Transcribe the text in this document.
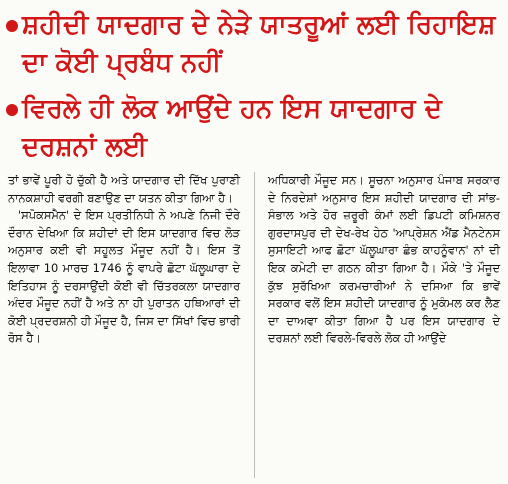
ਸ਼ਹੀਦੀ ਯਾਦਗਾਰ ਦੇ ਨੇੜੇ ਯਾਤਰੂਆਂ ਲਈ ਰਿਹਾਇਸ਼ ਦਾ ਕੋਈ ਪ੍ਰਬੰਧ ਨਹੀਂ
ਵਿਰਲੇ ਹੀ ਲੋਕ ਆਉਂਦੇ ਹਨ ਇਸ ਯਾਦਗਾਰ ਦੇ ਦਰਸ਼ਨਾਂ ਲਈ

ਤਾਂ ਭਾਵੇਂ ਪੂਰੀ ਹੋ ਚੁੱਕੀ ਹੈ ਅਤੇ ਯਾਦਗਾਰ ਦੀ ਦਿੱਖ ਪੁਰਾਣੀ ਨਾਨਕਸ਼ਾਹੀ ਵਰਗੀ ਬਣਾਉਣ ਦਾ ਯਤਨ ਕੀਤਾ ਗਿਆ ਹੈ।

'ਸਪੋਕਸਮੈਨ' ਦੇ ਇਸ ਪ੍ਰਤੀਨਿਧੀ ਨੇ ਅਪਣੇ ਨਿਜੀ ਦੌਰੇ ਦੌਰਾਨ ਦੇਖਿਆ ਕਿ ਸ਼ਹੀਦਾਂ ਦੀ ਇਸ ਯਾਦਗਾਰ ਵਿਚ ਲੋੜ ਅਨੁਸਾਰ ਕਈ ਵੀ ਸਹੂਲਤ ਮੌਜੂਦ ਨਹੀਂ ਹੈ। ਇਸ ਤੋਂ ਇਲਾਵਾ 10 ਮਾਰਚ 1746 ਨੂੰ ਵਾਪਰੇ ਛੋਟਾ ਘੱਲੂਘਾਰਾ ਦੇ ਇਤਿਹਾਸ ਨੂੰ ਦਰਸਾਉਂਦੀ ਕੋਈ ਵੀ ਚਿੱਤਰਕਲਾ ਯਾਦਗਾਰ ਅੰਦਰ ਮੌਜੂਦ ਨਹੀਂ ਹੈ ਅਤੇ ਨਾ ਹੀ ਪੁਰਾਤਨ ਹਥਿਆਰਾਂ ਦੀ ਕੋਈ ਪ੍ਰਦਰਸ਼ਨੀ ਹੀ ਮੌਜੂਦ ਹੈ, ਜਿਸ ਦਾ ਸਿੱਖਾਂ ਵਿਚ ਭਾਰੀ ਰੋਸ ਹੈ।

ਅਧਿਕਾਰੀ ਮੌਜੂਦ ਸਨ। ਸੂਚਨਾ ਅਨੁਸਾਰ ਪੰਜਾਬ ਸਰਕਾਰ ਦੇ ਨਿਰਦੇਸ਼ਾਂ ਅਨੁਸਾਰ ਇਸ ਸ਼ਹੀਦੀ ਯਾਦਗਾਰ ਦੀ ਸਾਂਭ-ਸੰਭਾਲ ਅਤੇ ਹੋਰ ਜ਼ਰੂਰੀ ਕੰਮਾਂ ਲਈ ਡਿਪਟੀ ਕਮਿਸ਼ਨਰ ਗੁਰਦਾਸਪੁਰ ਦੀ ਦੇਖ-ਰੇਖ ਹੇਠ 'ਆਪ੍ਰੇਸ਼ਨ ਐਂਡ ਮੈਨਟੇਨਸ ਸੁਸਾਇਟੀ ਆਫ ਛੋਟਾ ਘੱਲੂਘਾਰਾ ਛੰਭ ਕਾਹਨੂੰਵਾਨ' ਨਾਂ ਦੀ ਇਕ ਕਮੇਟੀ ਦਾ ਗਠਨ ਕੀਤਾ ਗਿਆ ਹੈ। ਮੌਕੇ 'ਤੇ ਮੌਜੂਦ ਕੁੱਝ ਸੁਰੱਖਿਆ ਕਰਮਚਾਰੀਆਂ ਨੇ ਦਸਿਆ ਕਿ ਭਾਵੇਂ ਸਰਕਾਰ ਵਲੋਂ ਇਸ ਸ਼ਹੀਦੀ ਯਾਦਗਾਰ ਨੂੰ ਮੁਕੰਮਲ ਕਰ ਲੈਣ ਦਾ ਦਾਅਵਾ ਕੀਤਾ ਗਿਆ ਹੈ ਪਰ ਇਸ ਯਾਦਗਾਰ ਦੇ ਦਰਸ਼ਨਾਂ ਲਈ ਵਿਰਲੇ-ਵਿਰਲੇ ਲੋਕ ਹੀ ਆਉਂਦੇ
